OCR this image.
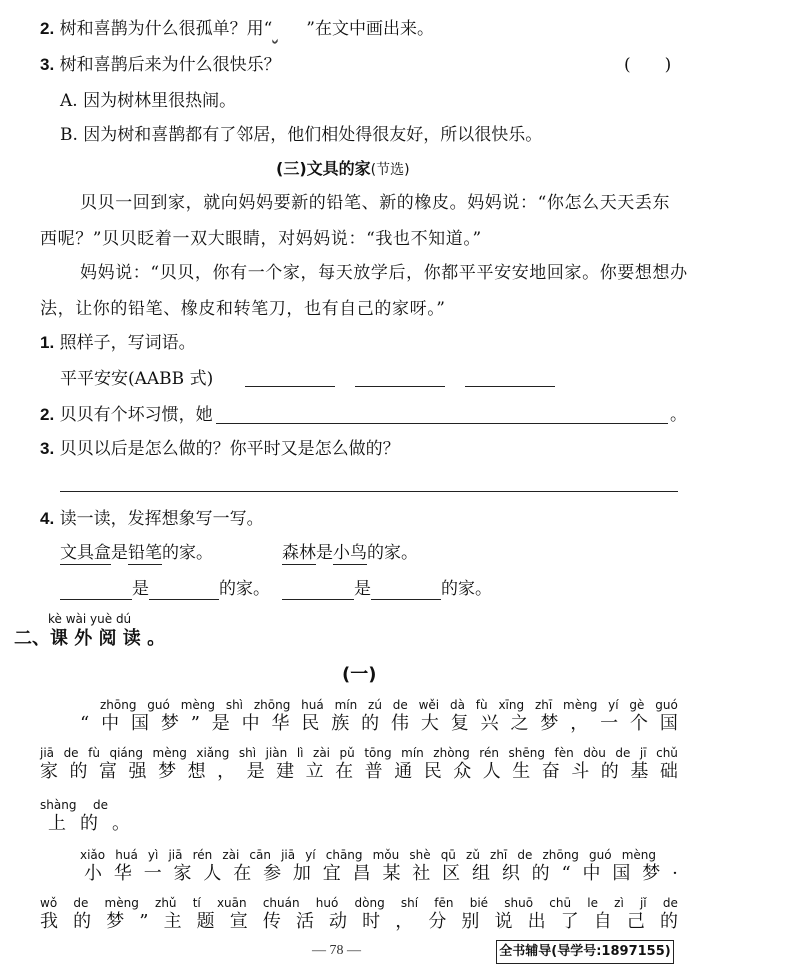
2. 树和喜鹊为什么很孤单？用“ ”在文中画出来。
3. 树和喜鹊后来为什么很快乐？	(　　)
A. 因为树林里很热闹。
B. 因为树和喜鹊都有了邻居，他们相处得很友好，所以很快乐。
(三)文具的家(节选)
贝贝一回到家，就向妈妈要新的铅笔、新的橡皮。妈妈说：“你怎么天天丢东
西呢？”贝贝眨着一双大眼睛，对妈妈说：“我也不知道。”
妈妈说：“贝贝，你有一个家，每天放学后，你都平平安安地回家。你要想想办
法，让你的铅笔、橡皮和转笔刀，也有自己的家呀。”
1. 照样子，写词语。
平平安安(AABB 式)
2. 贝贝有个坏习惯，她	。
3. 贝贝以后是怎么做的？你平时又是怎么做的？
4. 读一读，发挥想象写一写。
文具盒是铅笔的家。	森林是小鸟的家。
是	的家。	是	的家。
kè wài yuè dú
二、课 外 阅 读 。
(一)
zhōng guó mèng shì zhōng huá mín zú de wěi dà fù xīng zhī mèng yí gè guó
“ 中 国 梦 ” 是 中 华 民 族 的 伟 大 复 兴 之 梦 ， 一 个 国
jiā de fù qiáng mèng xiǎng shì jiàn lì zài pǔ tōng mín zhòng rén shēng fèn dòu de jī chǔ
家 的 富 强 梦 想 ， 是 建 立 在 普 通 民 众 人 生 奋 斗 的 基 础
shàng de
上 的 。
xiǎo huá yì jiā rén zài cān jiā yí chāng mǒu shè qū zǔ zhī de zhōng guó mèng
小 华 一 家 人 在 参 加 宜 昌 某 社 区 组 织 的 “ 中 国 梦 ·
wǒ de mèng zhǔ tí xuān chuán huó dòng shí fēn bié shuō chū le zì jǐ de
我 的 梦 ” 主 题 宣 传 活 动 时 ， 分 别 说 出 了 自 己 的
— 78 —	全书辅导(导学号:1897155)
